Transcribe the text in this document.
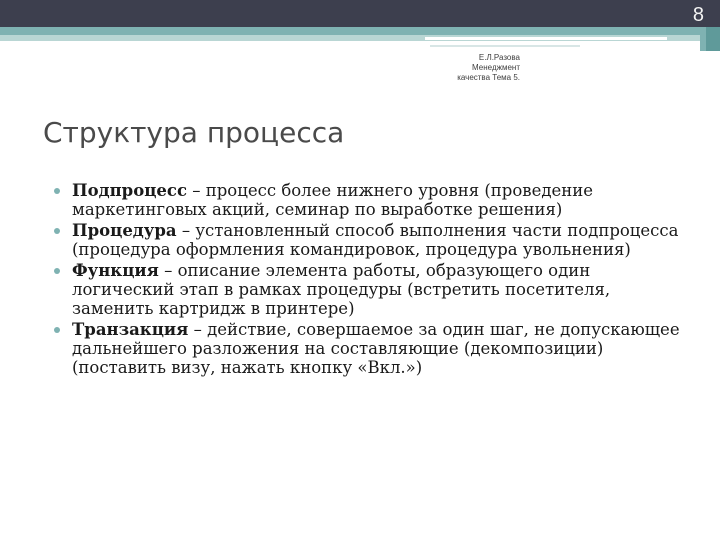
8
Е.Л.Разова
Менеджмент
качества Тема 5.
Структура процесса
Подпроцесс – процесс более нижнего уровня (проведение маркетинговых акций, семинар по выработке решения)
Процедура – установленный способ выполнения части подпроцесса (процедура оформления командировок, процедура увольнения)
Функция – описание элемента работы, образующего один логический этап в рамках процедуры (встретить посетителя, заменить картридж в принтере)
Транзакция – действие, совершаемое за один шаг, не допускающее дальнейшего разложения на составляющие (декомпозиции) (поставить визу, нажать кнопку «Вкл.»)
